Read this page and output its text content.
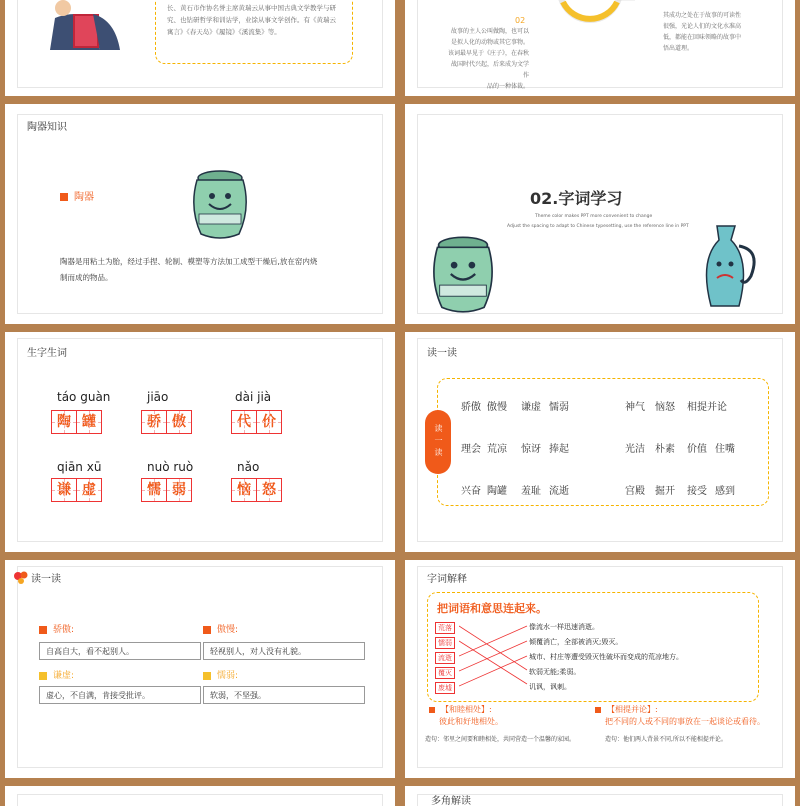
长、黄石市作协名誉主席黄瑞云从事中国古典文学教学与研
究、也钻研哲学和训诂学，业馀从事文学创作。有《黄瑞云
寓言》《春天岛》《履镜》《溪流集》等。
02
故事的主人公叫做陶，也可以
是拟人化的动物或其它事物。
该词最早见于《庄子》，在春秋
战国时代兴起，后来成为文学作
品的一种体裁。
其成功之处在于故事的可读性
很强，光论人们的文化水准高
低，都能在回味领略的故事中
悟出道理。
陶器知识
陶器
陶器是用粘土为胎，经过手捏、轮制、模塑等方法加工成型干燥后,放在窑内烧
制而成的物品。
02.字词学习
Theme color makes PPT more convenient to change
Adjust the spacing to adapt to Chinese typesetting, use the reference line in PPT
生字生词
táo guàn
陶 罐
jiāo
骄 傲
dài jià
代 价
qiān xū
谦 虚
nuò ruò
懦 弱
nǎo
恼 怒
读一读
读一读
骄傲 傲慢 谦虚 懦弱	神气 恼怒 相提并论
理会 荒凉 惊讶 捧起	光洁 朴素 价值 住嘴
兴奋 陶罐 羞耻 流逝	宫殿 掘开 接受 感到
读一读
骄傲:
自高自大，看不起别人。
傲慢:
轻视别人，对人没有礼貌。
谦虚:
虚心，不自满，肯接受批评。
懦弱:
软弱，不坚强。
字词解释
把词语和意思连起来。
荒落
懦弱
流逝
覆灭
废墟
像流水一样迅速消逝。
倾覆消亡，全部被消灭;毁灭。
城市、村庄等遭受毁灭性破坏而变成的荒凉地方。
软弱无能;柔弱。
讥讽，讽刺。
【和睦相处】:
彼此和好地相处。
【相提并论】:
把不同的人或不同的事放在一起谈论或看待。
造句：邻里之间要和睦相处，共同营造一个温馨的家园。	造句：他们两人背景不同,所以不能相提并论。
多角解读
